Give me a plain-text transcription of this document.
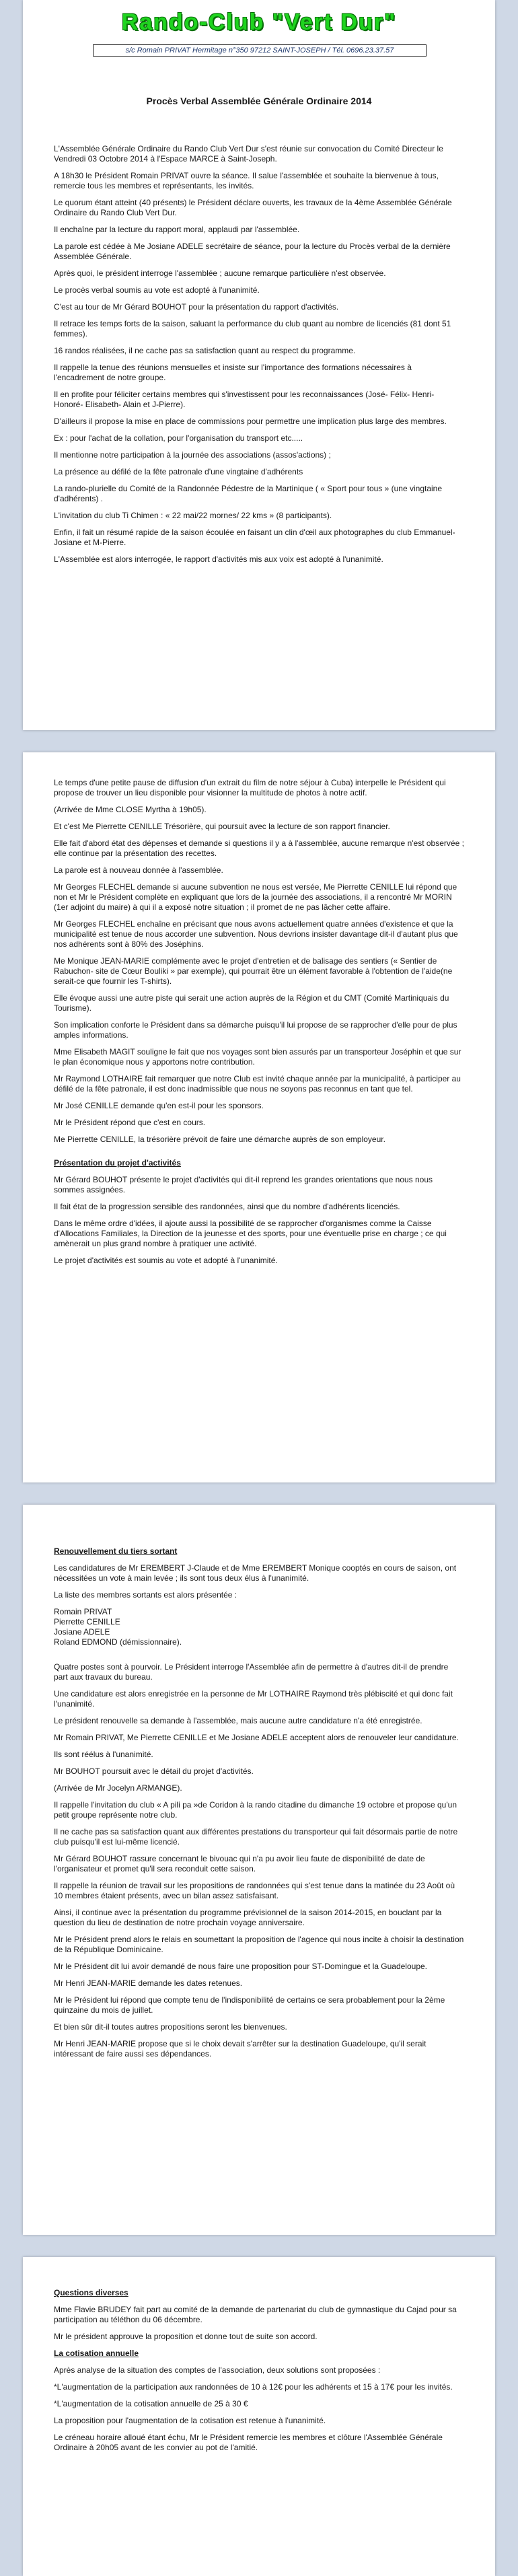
Rando-Club "Vert Dur"
s/c Romain PRIVAT Hermitage n°350 97212 SAINT-JOSEPH / Tél. 0696.23.37.57
Procès Verbal Assemblée Générale Ordinaire 2014

L'Assemblée Générale Ordinaire du Rando Club Vert Dur s'est réunie sur convocation du Comité Directeur le Vendredi 03 Octobre 2014 à l'Espace MARCE à Saint-Joseph.

A 18h30 le Président Romain PRIVAT ouvre la séance. Il salue l'assemblée et souhaite la bienvenue à tous, remercie tous les membres et représentants, les invités.

Le quorum étant atteint (40 présents) le Président déclare ouverts, les travaux de la 4ème Assemblée Générale Ordinaire du Rando Club Vert Dur.

Il enchaîne par la lecture du rapport moral, applaudi par l'assemblée.

La parole est cédée à Me Josiane ADELE secrétaire de séance, pour la lecture du Procès verbal de la dernière Assemblée Générale.

Après quoi, le président interroge l'assemblée ; aucune remarque particulière n'est observée.

Le procès verbal soumis au vote est adopté à l'unanimité.

C'est au tour de Mr Gérard BOUHOT pour la présentation du rapport d'activités.

Il retrace les temps forts de la saison, saluant la performance du club quant au nombre de licenciés (81 dont 51 femmes).

16 randos réalisées, il ne cache pas sa satisfaction quant au respect du programme.

Il rappelle la tenue des réunions mensuelles et insiste sur l'importance des formations nécessaires à l'encadrement de notre groupe.

Il en profite pour féliciter certains membres qui s'investissent pour les reconnaissances (José- Félix- Henri- Honoré- Elisabeth- Alain et J-Pierre).

D'ailleurs il propose la mise en place de commissions pour permettre une implication plus large des membres.

Ex : pour l'achat de la collation, pour l'organisation du transport etc.....

Il mentionne notre participation à la journée des associations (assos'actions) ;

La présence au défilé de la fête patronale d'une vingtaine d'adhérents

La rando-plurielle du Comité de la Randonnée Pédestre de la Martinique ( « Sport pour tous » (une vingtaine d'adhérents) .

L'invitation du club Ti Chimen : « 22 mai/22 mornes/ 22 kms » (8 participants).

Enfin, il fait un résumé rapide de la saison écoulée en faisant un clin d'œil aux photographes du club Emmanuel- Josiane et M-Pierre.

L'Assemblée est alors interrogée, le rapport d'activités mis aux voix est adopté à l'unanimité.

Le temps d'une petite pause de diffusion d'un extrait du film de notre séjour à Cuba) interpelle le Président qui propose de trouver un lieu disponible pour visionner la multitude de photos à notre actif.

(Arrivée de Mme CLOSE Myrtha à 19h05).

Et c'est Me Pierrette CENILLE Trésorière, qui poursuit avec la lecture de son rapport financier.

Elle fait d'abord état des dépenses et demande si questions il y a à l'assemblée, aucune remarque n'est observée ; elle continue par la présentation des recettes.

La parole est à nouveau donnée à l'assemblée.

Mr Georges FLECHEL demande si aucune subvention ne nous est versée, Me Pierrette CENILLE lui répond que non et Mr le Président complète en expliquant que lors de la journée des associations, il a rencontré Mr MORIN (1er adjoint du maire) à qui il a exposé notre situation ; il promet de ne pas lâcher cette affaire.

Mr Georges FLECHEL enchaîne en précisant que nous avons actuellement quatre années d'existence et que la municipalité est tenue de nous accorder une subvention. Nous devrions insister davantage dit-il d'autant plus que nos adhérents sont à 80% des Joséphins.

Me Monique JEAN-MARIE complémente avec le projet d'entretien et de balisage des sentiers (« Sentier de Rabuchon- site de Cœur Bouliki » par exemple), qui pourrait être un élément favorable à l'obtention de l'aide(ne serait-ce que fournir les T-shirts).

Elle évoque aussi une autre piste qui serait une action auprès de la Région et du CMT (Comité Martiniquais du Tourisme).

Son implication conforte le Président dans sa démarche puisqu'il lui propose de se rapprocher d'elle pour de plus amples informations.

Mme Elisabeth MAGIT souligne le fait que nos voyages sont bien assurés par un transporteur Joséphin et que sur le plan économique nous y apportons notre contribution.

Mr Raymond LOTHAIRE fait remarquer que notre Club est invité chaque année par la municipalité, à participer au défilé de la fête patronale, il est donc inadmissible que nous ne soyons pas reconnus en tant que tel.

Mr José CENILLE demande qu'en est-il pour les sponsors.

Mr le Président répond que c'est en cours.

Me Pierrette CENILLE, la trésorière prévoit de faire une démarche auprès de son employeur.

Présentation du projet d'activités

Mr Gérard BOUHOT présente le projet d'activités qui dit-il reprend les grandes orientations que nous nous sommes assignées.

Il fait état de la progression sensible des randonnées, ainsi que du nombre d'adhérents licenciés.

Dans le même ordre d'idées, il ajoute aussi la possibilité de se rapprocher d'organismes comme la Caisse d'Allocations Familiales, la Direction de la jeunesse et des sports, pour une éventuelle prise en charge ; ce qui amènerait un plus grand nombre à pratiquer une activité.

Le projet d'activités est soumis au vote et adopté à l'unanimité.

Renouvellement du tiers sortant

Les candidatures de Mr EREMBERT J-Claude et de Mme EREMBERT Monique cooptés en cours de saison, ont nécessitées un vote à main levée ; ils sont tous deux élus à l'unanimité.

La liste des membres sortants est alors présentée :

Romain PRIVAT

Pierrette CENILLE

Josiane ADELE

Roland EDMOND (démissionnaire).

Quatre postes sont à pourvoir. Le Président interroge l'Assemblée afin de permettre à d'autres dit-il de prendre part aux travaux du bureau.

Une candidature est alors enregistrée en la personne de Mr LOTHAIRE Raymond très plébiscité et qui donc fait l'unanimité.

Le président renouvelle sa demande à l'assemblée, mais aucune autre candidature n'a été enregistrée.

Mr Romain PRIVAT, Me Pierrette CENILLE et Me Josiane ADELE acceptent alors de renouveler leur candidature.

Ils sont réélus à l'unanimité.

Mr BOUHOT poursuit avec le détail du projet d'activités.

(Arrivée de Mr Jocelyn ARMANGE).

Il rappelle l'invitation du club « A pili pa »de Coridon à la rando citadine du dimanche 19 octobre et propose qu'un petit groupe représente notre club.

Il ne cache pas sa satisfaction quant aux différentes prestations du transporteur qui fait désormais partie de notre club puisqu'il est lui-même licencié.

Mr Gérard BOUHOT rassure concernant le bivouac qui n'a pu avoir lieu faute de disponibilité de date de l'organisateur et promet qu'il sera reconduit cette saison.

Il rappelle la réunion de travail sur les propositions de randonnées qui s'est tenue dans la matinée du 23 Août où 10 membres étaient présents, avec un bilan assez satisfaisant.

Ainsi, il continue avec la présentation du programme prévisionnel de la saison 2014-2015, en bouclant par la question du lieu de destination de notre prochain voyage anniversaire.

Mr le Président prend alors le relais en soumettant la proposition de l'agence qui nous incite à choisir la destination de la République Dominicaine.

Mr le Président dit lui avoir demandé de nous faire une proposition pour ST-Domingue et la Guadeloupe.

Mr Henri JEAN-MARIE demande les dates retenues.

Mr le Président lui répond que compte tenu de l'indisponibilité de certains ce sera probablement pour la 2ème quinzaine du mois de juillet.

Et bien sûr dit-il toutes autres propositions seront les bienvenues.

Mr Henri JEAN-MARIE propose que si le choix devait s'arrêter sur la destination Guadeloupe, qu'il serait intéressant de faire aussi ses dépendances.

Questions diverses

Mme Flavie BRUDEY fait part au comité de la demande de partenariat du club de gymnastique du Cajad pour sa participation au téléthon du 06 décembre.

Mr le président approuve la proposition et donne tout de suite son accord.

La cotisation annuelle

Après analyse de la situation des comptes de l'association, deux solutions sont proposées :

*L'augmentation de la participation aux randonnées de 10 à 12€ pour les adhérents et 15 à 17€ pour les invités.

*L'augmentation de la cotisation annuelle de 25 à 30 €

La proposition pour l'augmentation de la cotisation est retenue à l'unanimité.

Le créneau horaire alloué étant échu, Mr le Président remercie les membres et clôture l'Assemblée Générale Ordinaire à 20h05 avant de les convier au pot de l'amitié.
